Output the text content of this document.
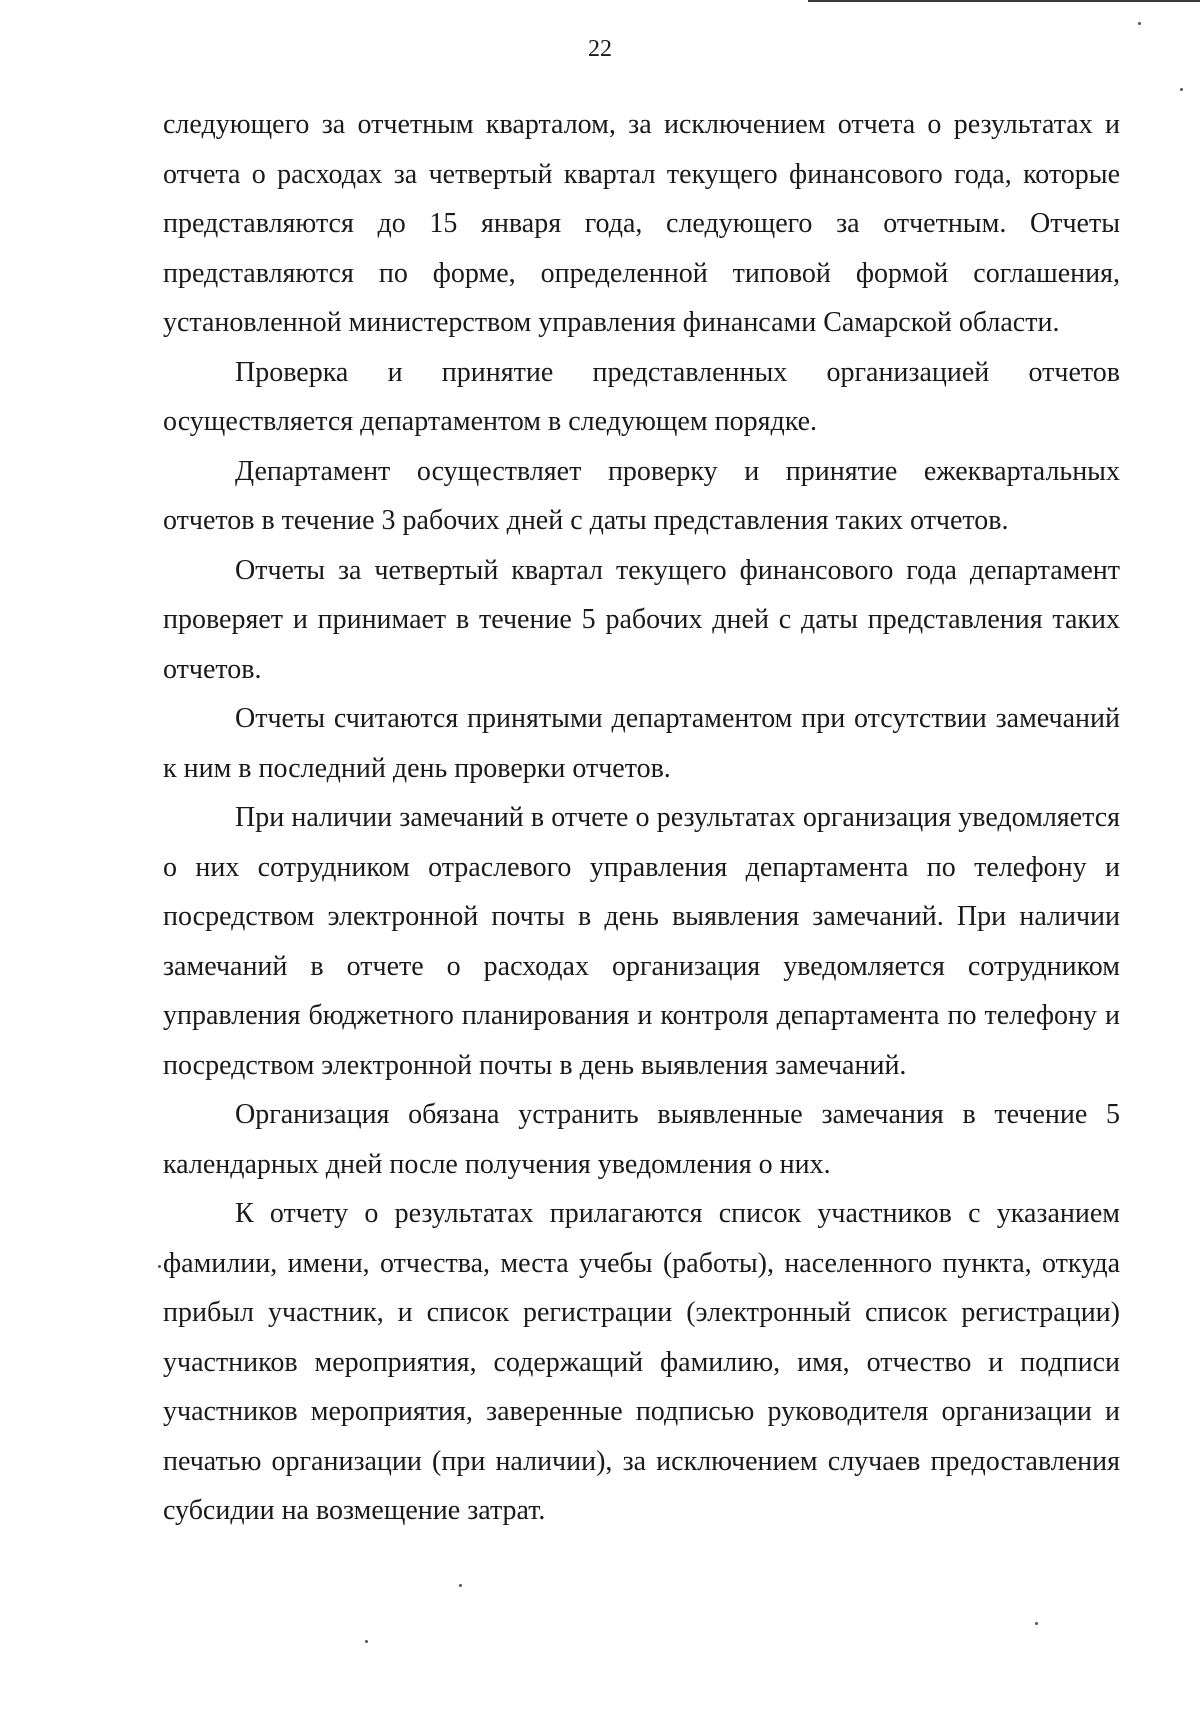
22

следующего за отчетным кварталом, за исключением отчета о результатах и отчета о расходах за четвертый квартал текущего финансового года, которые представляются до 15 января года, следующего за отчетным. Отчеты представляются по форме, определенной типовой формой соглашения, установленной министерством управления финансами Самарской области.

Проверка и принятие представленных организацией отчетов осуществляется департаментом в следующем порядке.

Департамент осуществляет проверку и принятие ежеквартальных отчетов в течение 3 рабочих дней с даты представления таких отчетов.

Отчеты за четвертый квартал текущего финансового года департамент проверяет и принимает в течение 5 рабочих дней с даты представления таких отчетов.

Отчеты считаются принятыми департаментом при отсутствии замечаний к ним в последний день проверки отчетов.

При наличии замечаний в отчете о результатах организация уведомляется о них сотрудником отраслевого управления департамента по телефону и посредством электронной почты в день выявления замечаний. При наличии замечаний в отчете о расходах организация уведомляется сотрудником управления бюджетного планирования и контроля департамента по телефону и посредством электронной почты в день выявления замечаний.

Организация обязана устранить выявленные замечания в течение 5 календарных дней после получения уведомления о них.

К отчету о результатах прилагаются список участников с указанием фамилии, имени, отчества, места учебы (работы), населенного пункта, откуда прибыл участник, и список регистрации (электронный список регистрации) участников мероприятия, содержащий фамилию, имя, отчество и подписи участников мероприятия, заверенные подписью руководителя организации и печатью организации (при наличии), за исключением случаев предоставления субсидии на возмещение затрат.
